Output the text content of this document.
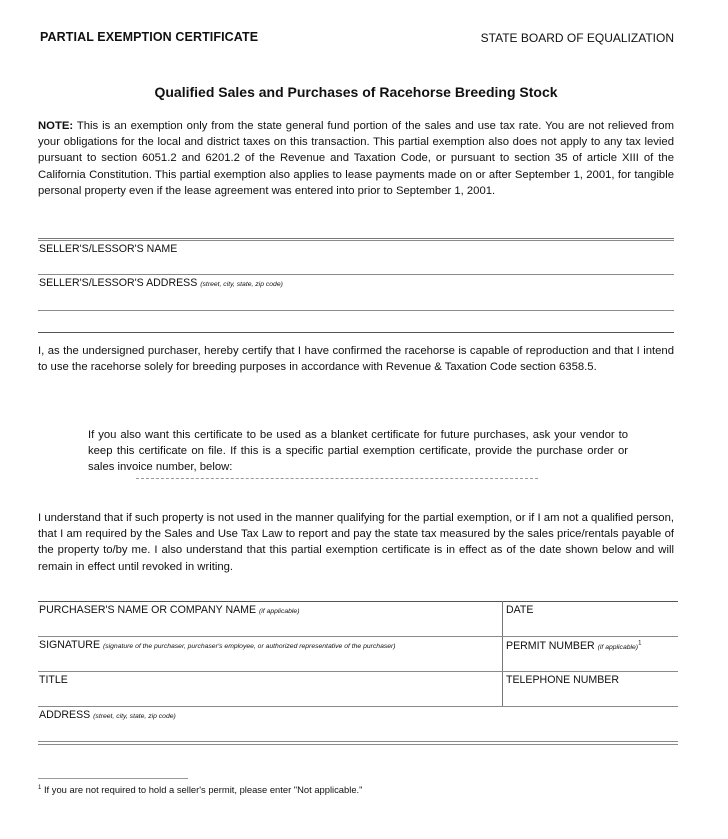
PARTIAL EXEMPTION CERTIFICATE	STATE BOARD OF EQUALIZATION
Qualified Sales and Purchases of Racehorse Breeding Stock

NOTE: This is an exemption only from the state general fund portion of the sales and use tax rate. You are not relieved from your obligations for the local and district taxes on this transaction. This partial exemption also does not apply to any tax levied pursuant to section 6051.2 and 6201.2 of the Revenue and Taxation Code, or pursuant to section 35 of article XIII of the California Constitution. This partial exemption also applies to lease payments made on or after September 1, 2001, for tangible personal property even if the lease agreement was entered into prior to September 1, 2001.

SELLER'S/LESSOR'S NAME
SELLER'S/LESSOR'S ADDRESS (street, city, state, zip code)

I, as the undersigned purchaser, hereby certify that I have confirmed the racehorse is capable of reproduction and that I intend to use the racehorse solely for breeding purposes in accordance with Revenue & Taxation Code section 6358.5.

If you also want this certificate to be used as a blanket certificate for future purchases, ask your vendor to keep this certificate on file. If this is a specific partial exemption certificate, provide the purchase order or sales invoice number, below:

I understand that if such property is not used in the manner qualifying for the partial exemption, or if I am not a qualified person, that I am required by the Sales and Use Tax Law to report and pay the state tax measured by the sales price/rentals payable of the property to/by me. I also understand that this partial exemption certificate is in effect as of the date shown below and will remain in effect until revoked in writing.

PURCHASER'S NAME OR COMPANY NAME (if applicable)	DATE
SIGNATURE (signature of the purchaser, purchaser's employee, or authorized representative of the purchaser)	PERMIT NUMBER (if applicable)$^1$
TITLE	TELEPHONE NUMBER
ADDRESS (street, city, state, zip code)
$^1$ If you are not required to hold a seller's permit, please enter "Not applicable."
